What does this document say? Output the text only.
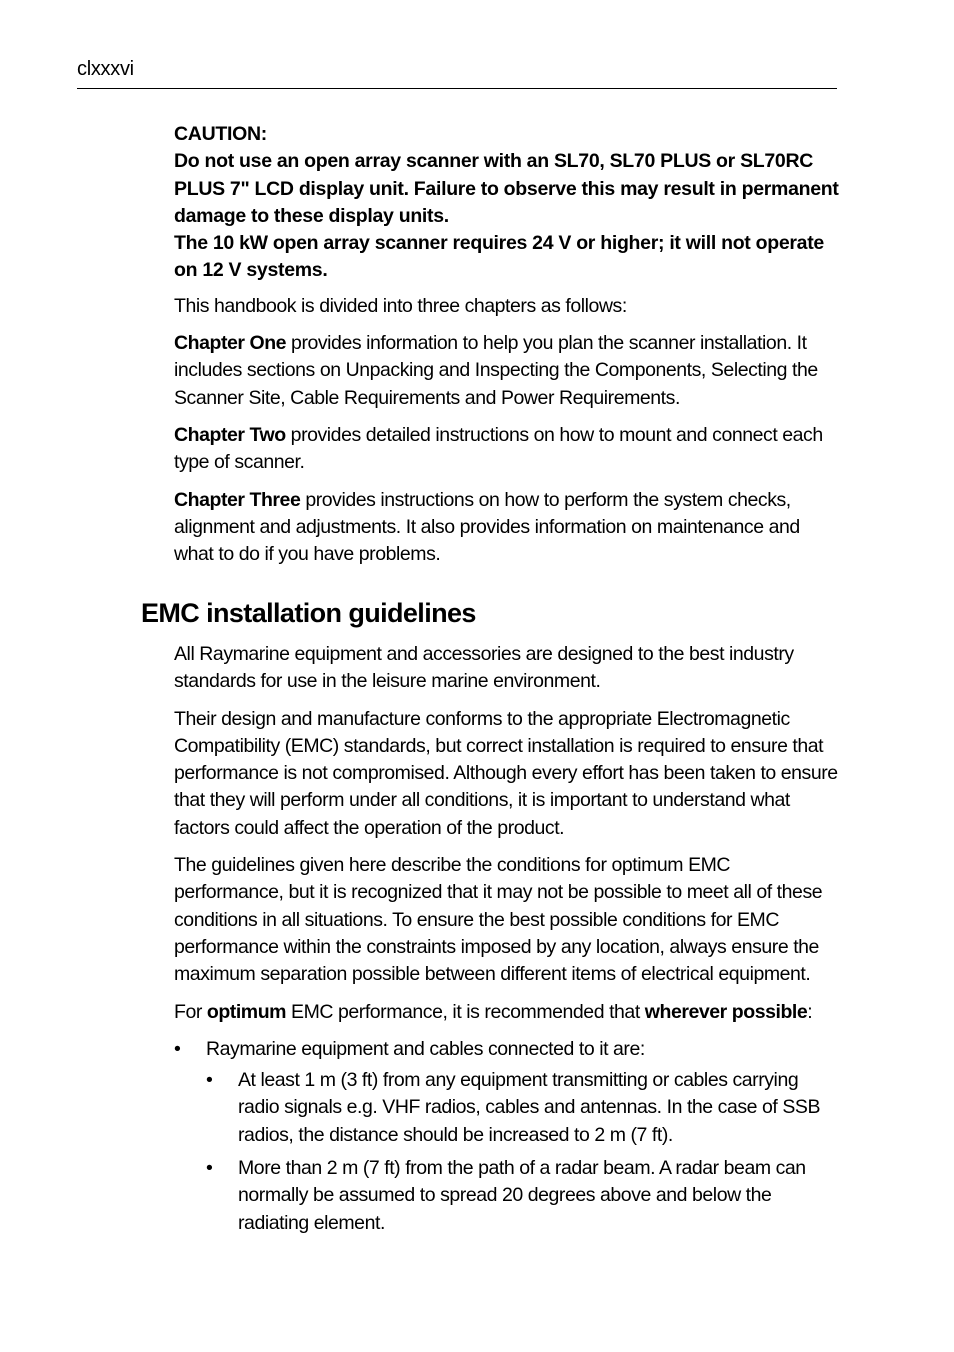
clxxxvi
CAUTION:
Do not use an open array scanner with an SL70, SL70 PLUS or SL70RC PLUS 7" LCD display unit. Failure to observe this may result in permanent damage to these display units.
The 10 kW open array scanner requires 24 V or higher; it will not operate on 12 V systems.

This handbook is divided into three chapters as follows:

Chapter One provides information to help you plan the scanner installation. It includes sections on Unpacking and Inspecting the Components, Selecting the Scanner Site, Cable Requirements and Power Requirements.

Chapter Two provides detailed instructions on how to mount and connect each type of scanner.

Chapter Three provides instructions on how to perform the system checks, alignment and adjustments. It also provides information on maintenance and what to do if you have problems.

EMC installation guidelines

All Raymarine equipment and accessories are designed to the best industry standards for use in the leisure marine environment.

Their design and manufacture conforms to the appropriate Electromagnetic Compatibility (EMC) standards, but correct installation is required to ensure that performance is not compromised. Although every effort has been taken to ensure that they will perform under all conditions, it is important to understand what factors could affect the operation of the product.

The guidelines given here describe the conditions for optimum EMC performance, but it is recognized that it may not be possible to meet all of these conditions in all situations. To ensure the best possible conditions for EMC performance within the constraints imposed by any location, always ensure the maximum separation possible between different items of electrical equipment.

For optimum EMC performance, it is recommended that wherever possible:

• Raymarine equipment and cables connected to it are:
• At least 1 m (3 ft) from any equipment transmitting or cables carrying radio signals e.g. VHF radios, cables and antennas. In the case of SSB radios, the distance should be increased to 2 m (7 ft).
• More than 2 m (7 ft) from the path of a radar beam. A radar beam can normally be assumed to spread 20 degrees above and below the radiating element.
